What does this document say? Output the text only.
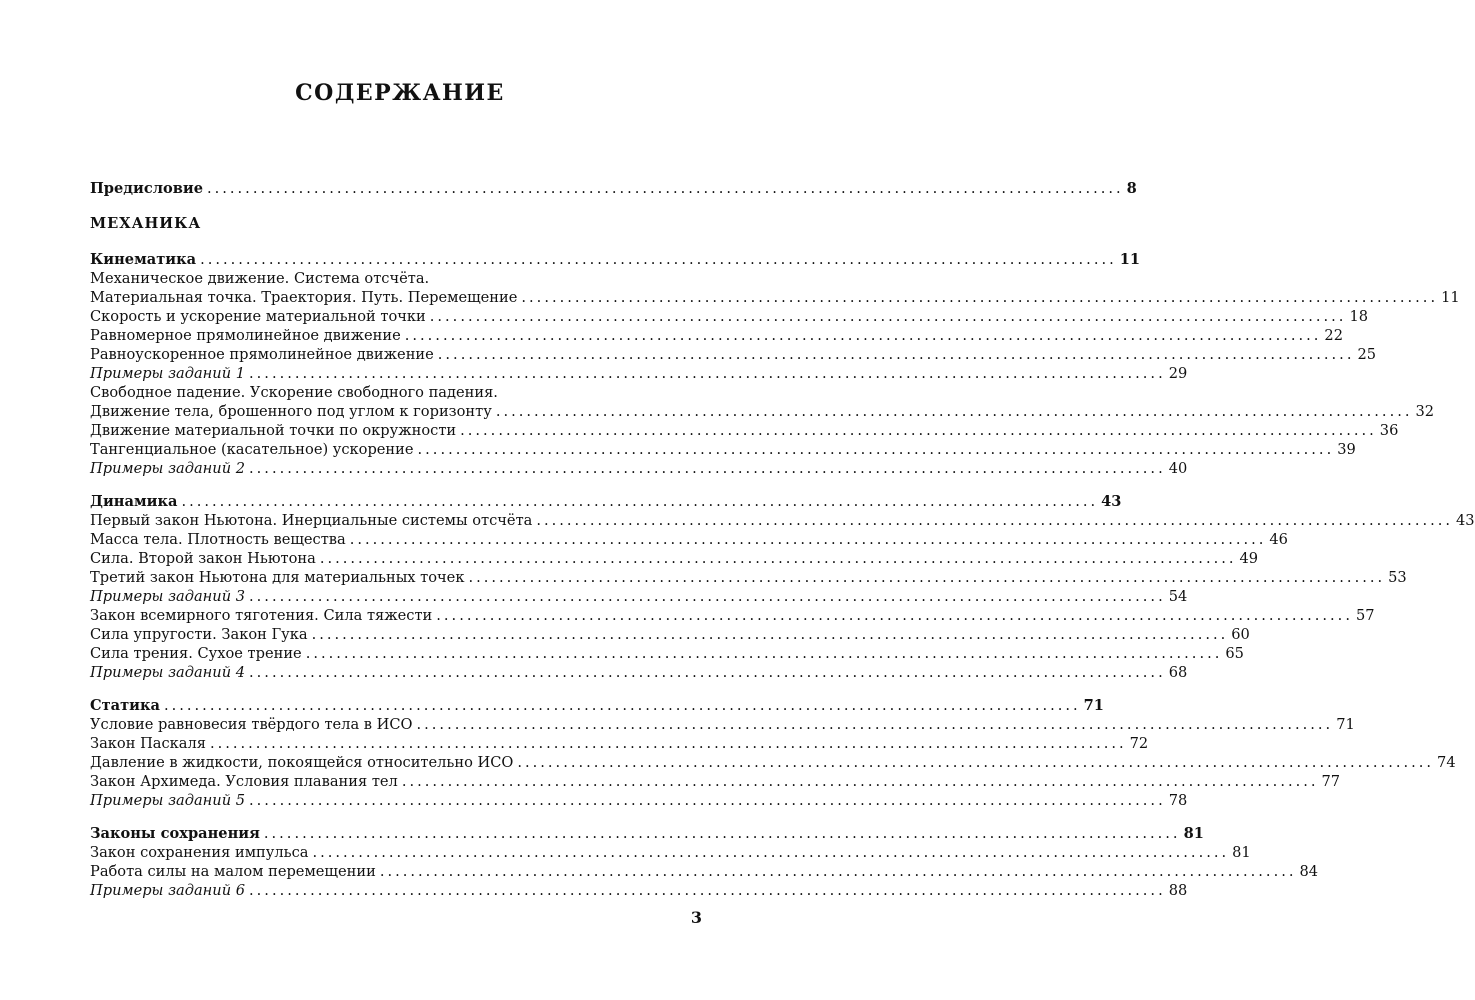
СОДЕРЖАНИЕ
Предисловие ........................................................................................................................ 8
МЕХАНИКА
Кинематика ........................................................................................................................ 11
Механическое движение. Система отсчёта.
Материальная точка. Траектория. Путь. Перемещение ........................................................................................................................ 11
Скорость и ускорение материальной точки ........................................................................................................................ 18
Равномерное прямолинейное движение ........................................................................................................................ 22
Равноускоренное прямолинейное движение ........................................................................................................................ 25
Примеры заданий 1 ........................................................................................................................ 29
Свободное падение. Ускорение свободного падения.
Движение тела, брошенного под углом к горизонту ........................................................................................................................ 32
Движение материальной точки по окружности ........................................................................................................................ 36
Тангенциальное (касательное) ускорение ........................................................................................................................ 39
Примеры заданий 2 ........................................................................................................................ 40
Динамика ........................................................................................................................ 43
Первый закон Ньютона. Инерциальные системы отсчёта ........................................................................................................................ 43
Масса тела. Плотность вещества ........................................................................................................................ 46
Сила. Второй закон Ньютона ........................................................................................................................ 49
Третий закон Ньютона для материальных точек ........................................................................................................................ 53
Примеры заданий 3 ........................................................................................................................ 54
Закон всемирного тяготения. Сила тяжести ........................................................................................................................ 57
Сила упругости. Закон Гука ........................................................................................................................ 60
Сила трения. Сухое трение ........................................................................................................................ 65
Примеры заданий 4 ........................................................................................................................ 68
Статика ........................................................................................................................ 71
Условие равновесия твёрдого тела в ИСО ........................................................................................................................ 71
Закон Паскаля ........................................................................................................................ 72
Давление в жидкости, покоящейся относительно ИСО ........................................................................................................................ 74
Закон Архимеда. Условия плавания тел ........................................................................................................................ 77
Примеры заданий 5 ........................................................................................................................ 78
Законы сохранения ........................................................................................................................ 81
Закон сохранения импульса ........................................................................................................................ 81
Работа силы на малом перемещении ........................................................................................................................ 84
Примеры заданий 6 ........................................................................................................................ 88
3
